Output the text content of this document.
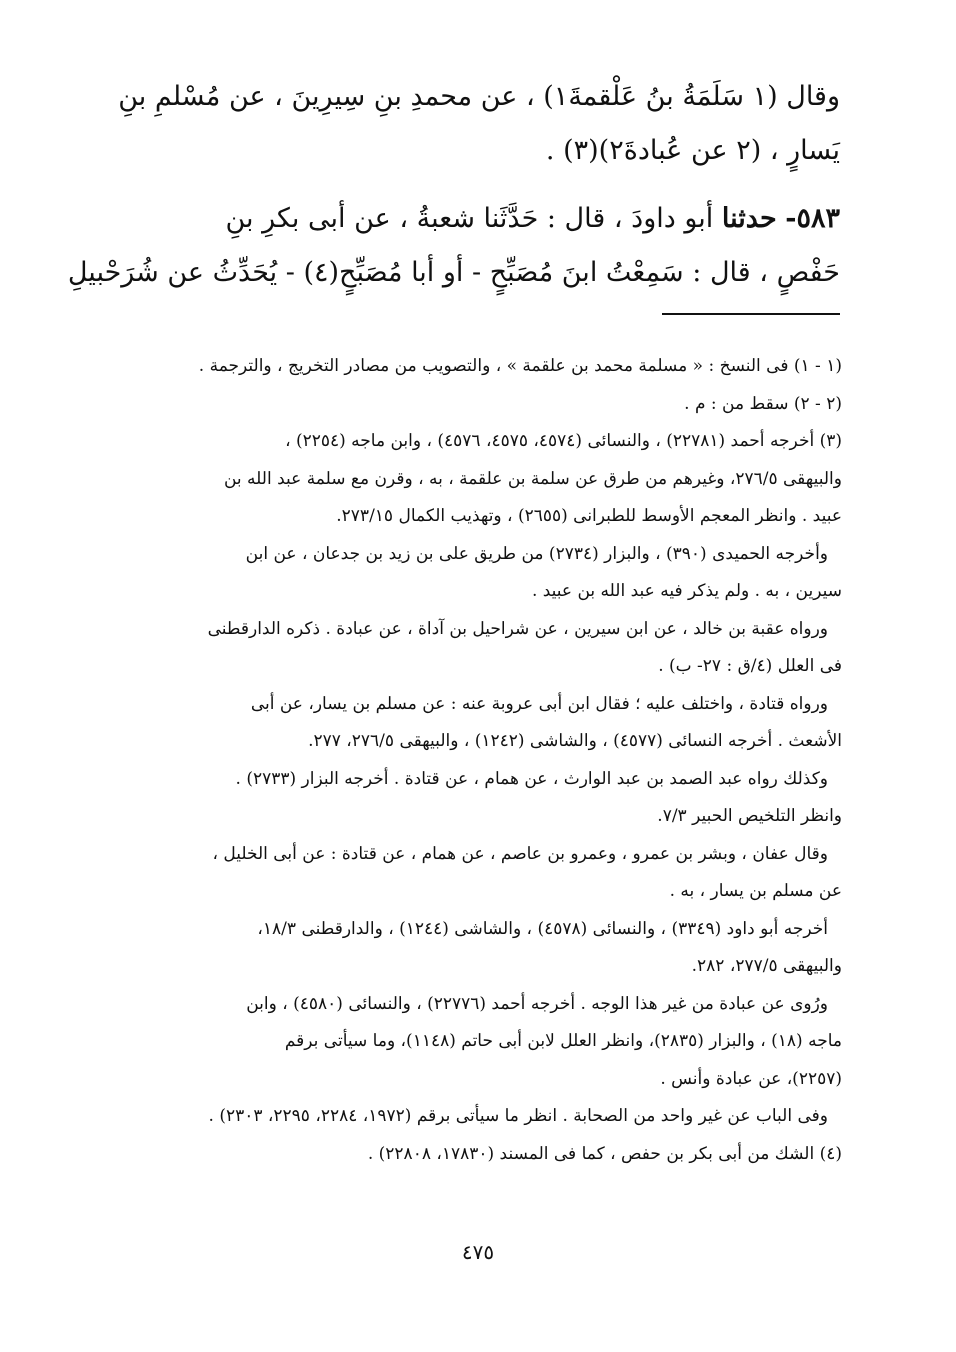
وقال (١ سَلَمَةُ بنُ عَلْقمةَ١) ، عن محمدِ بنِ سِيرِينَ ، عن مُسْلمِ بنِ
يَسارٍ ، (٢ عن عُبادةَ٢)(٣) .
٥٨٣- حدثنا أبو داودَ ، قال : حَدَّثَنا شعبةُ ، عن أبى بكرِ بنِ
حَفْصٍ ، قال : سَمِعْتُ ابنَ مُصَبِّحٍ - أو أبا مُصَبِّحٍ(٤) - يُحَدِّثُ عن شُرَحْبيلِ
(١ - ١) فى النسخ : « مسلمة محمد بن علقمة » ، والتصويب من مصادر التخريج ، والترجمة .
(٢ - ٢) سقط من : م .
(٣) أخرجه أحمد (٢٢٧٨١) ، والنسائى (٤٥٧٤، ٤٥٧٥، ٤٥٧٦) ، وابن ماجه (٢٢٥٤) ،
والبيهقى ٢٧٦/٥، وغيرهم من طرق عن سلمة بن علقمة ، به ، وقرن مع سلمة عبد الله بن
عبيد . وانظر المعجم الأوسط للطبرانى (٢٦٥٥) ، وتهذيب الكمال ٢٧٣/١٥.
وأخرجه الحميدى (٣٩٠) ، والبزار (٢٧٣٤) من طريق على بن زيد بن جدعان ، عن ابن
سيرين ، به . ولم يذكر فيه عبد الله بن عبيد .
ورواه عقبة بن خالد ، عن ابن سيرين ، عن شراحيل بن آداة ، عن عبادة . ذكره الدارقطنى
فى العلل (٤/ق : ٢٧- ب) .
ورواه قتادة ، واختلف عليه ؛ فقال ابن أبى عروبة عنه : عن مسلم بن يسار، عن أبى
الأشعث . أخرجه النسائى (٤٥٧٧) ، والشاشى (١٢٤٢) ، والبيهقى ٢٧٦/٥، ٢٧٧.
وكذلك رواه عبد الصمد بن عبد الوارث ، عن همام ، عن قتادة . أخرجه البزار (٢٧٣٣) .
وانظر التلخيص الحبير ٧/٣.
وقال عفان ، وبشر بن عمرو ، وعمرو بن عاصم ، عن همام ، عن قتادة : عن أبى الخليل ،
عن مسلم بن يسار ، به .
أخرجه أبو داود (٣٣٤٩) ، والنسائى (٤٥٧٨) ، والشاشى (١٢٤٤) ، والدارقطنى ١٨/٣،
والبيهقى ٢٧٧/٥، ٢٨٢.
ورُوى عن عبادة من غير هذا الوجه . أخرجه أحمد (٢٢٧٧٦) ، والنسائى (٤٥٨٠) ، وابن
ماجه (١٨) ، والبزار (٢٨٣٥)، وانظر العلل لابن أبى حاتم (١١٤٨)، وما سيأتى برقم
(٢٢٥٧)، عن عبادة وأنس .
وفى الباب عن غير واحد من الصحابة . انظر ما سيأتى برقم (١٩٧٢، ٢٢٨٤، ٢٢٩٥، ٢٣٠٣) .
(٤) الشك من أبى بكر بن حفص ، كما فى المسند (١٧٨٣٠، ٢٢٨٠٨) .
٤٧٥
